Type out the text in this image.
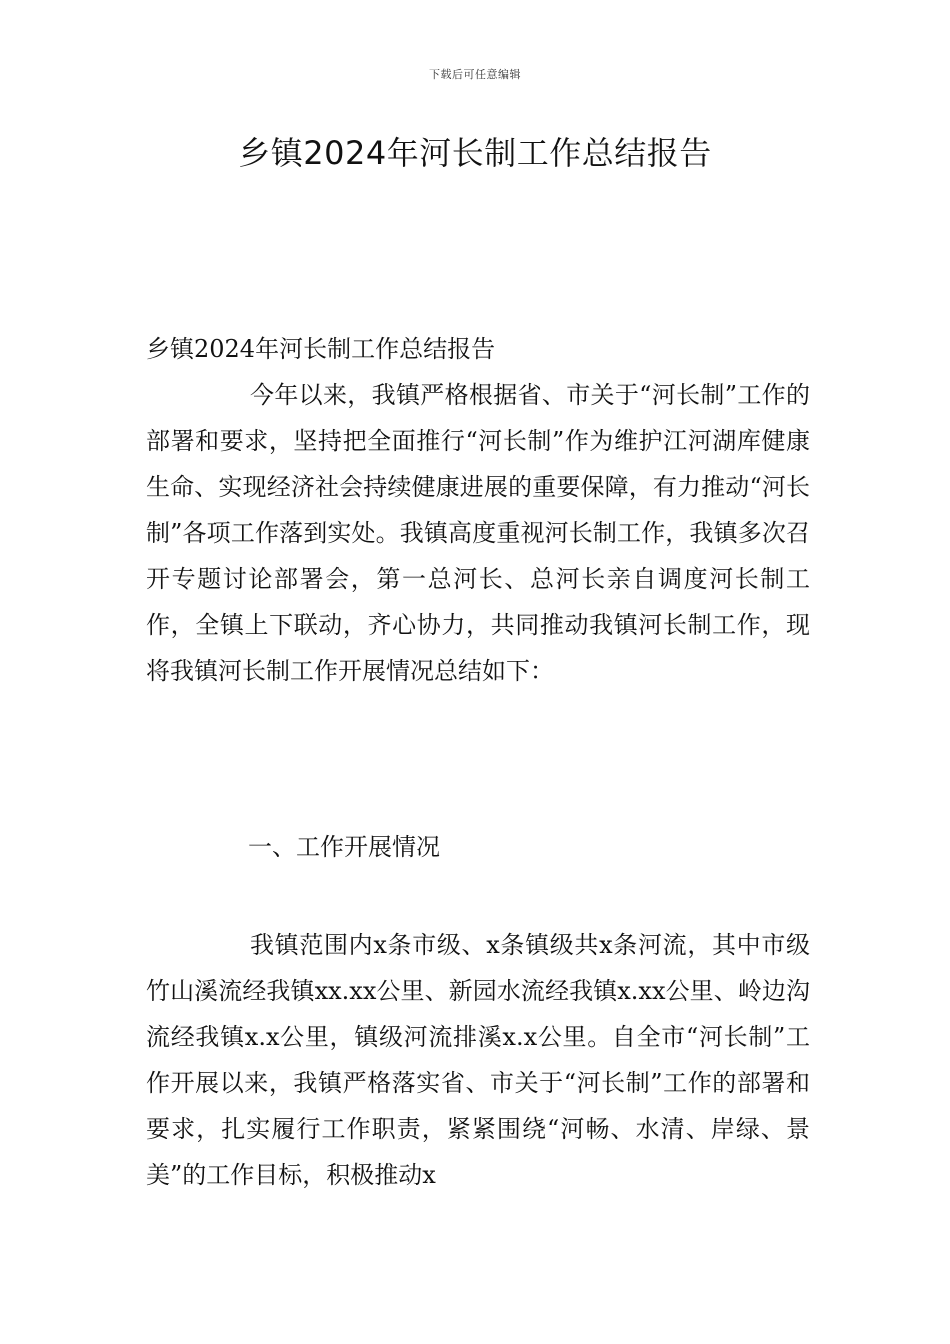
下载后可任意编辑
乡镇2024年河长制工作总结报告
乡镇2024年河长制工作总结报告
今年以来，我镇严格根据省、市关于“河长制”工作的部署和要求，坚持把全面推行“河长制”作为维护江河湖库健康生命、实现经济社会持续健康进展的重要保障，有力推动“河长制”各项工作落到实处。我镇高度重视河长制工作，我镇多次召开专题讨论部署会，第一总河长、总河长亲自调度河长制工作，全镇上下联动，齐心协力，共同推动我镇河长制工作，现将我镇河长制工作开展情况总结如下：
一、工作开展情况
我镇范围内x条市级、x条镇级共x条河流，其中市级竹山溪流经我镇xx.xx公里、新园水流经我镇x.xx公里、岭边沟流经我镇x.x公里，镇级河流排溪x.x公里。自全市“河长制”工作开展以来，我镇严格落实省、市关于“河长制”工作的部署和要求，扎实履行工作职责，紧紧围绕“河畅、水清、岸绿、景美”的工作目标，积极推动x
